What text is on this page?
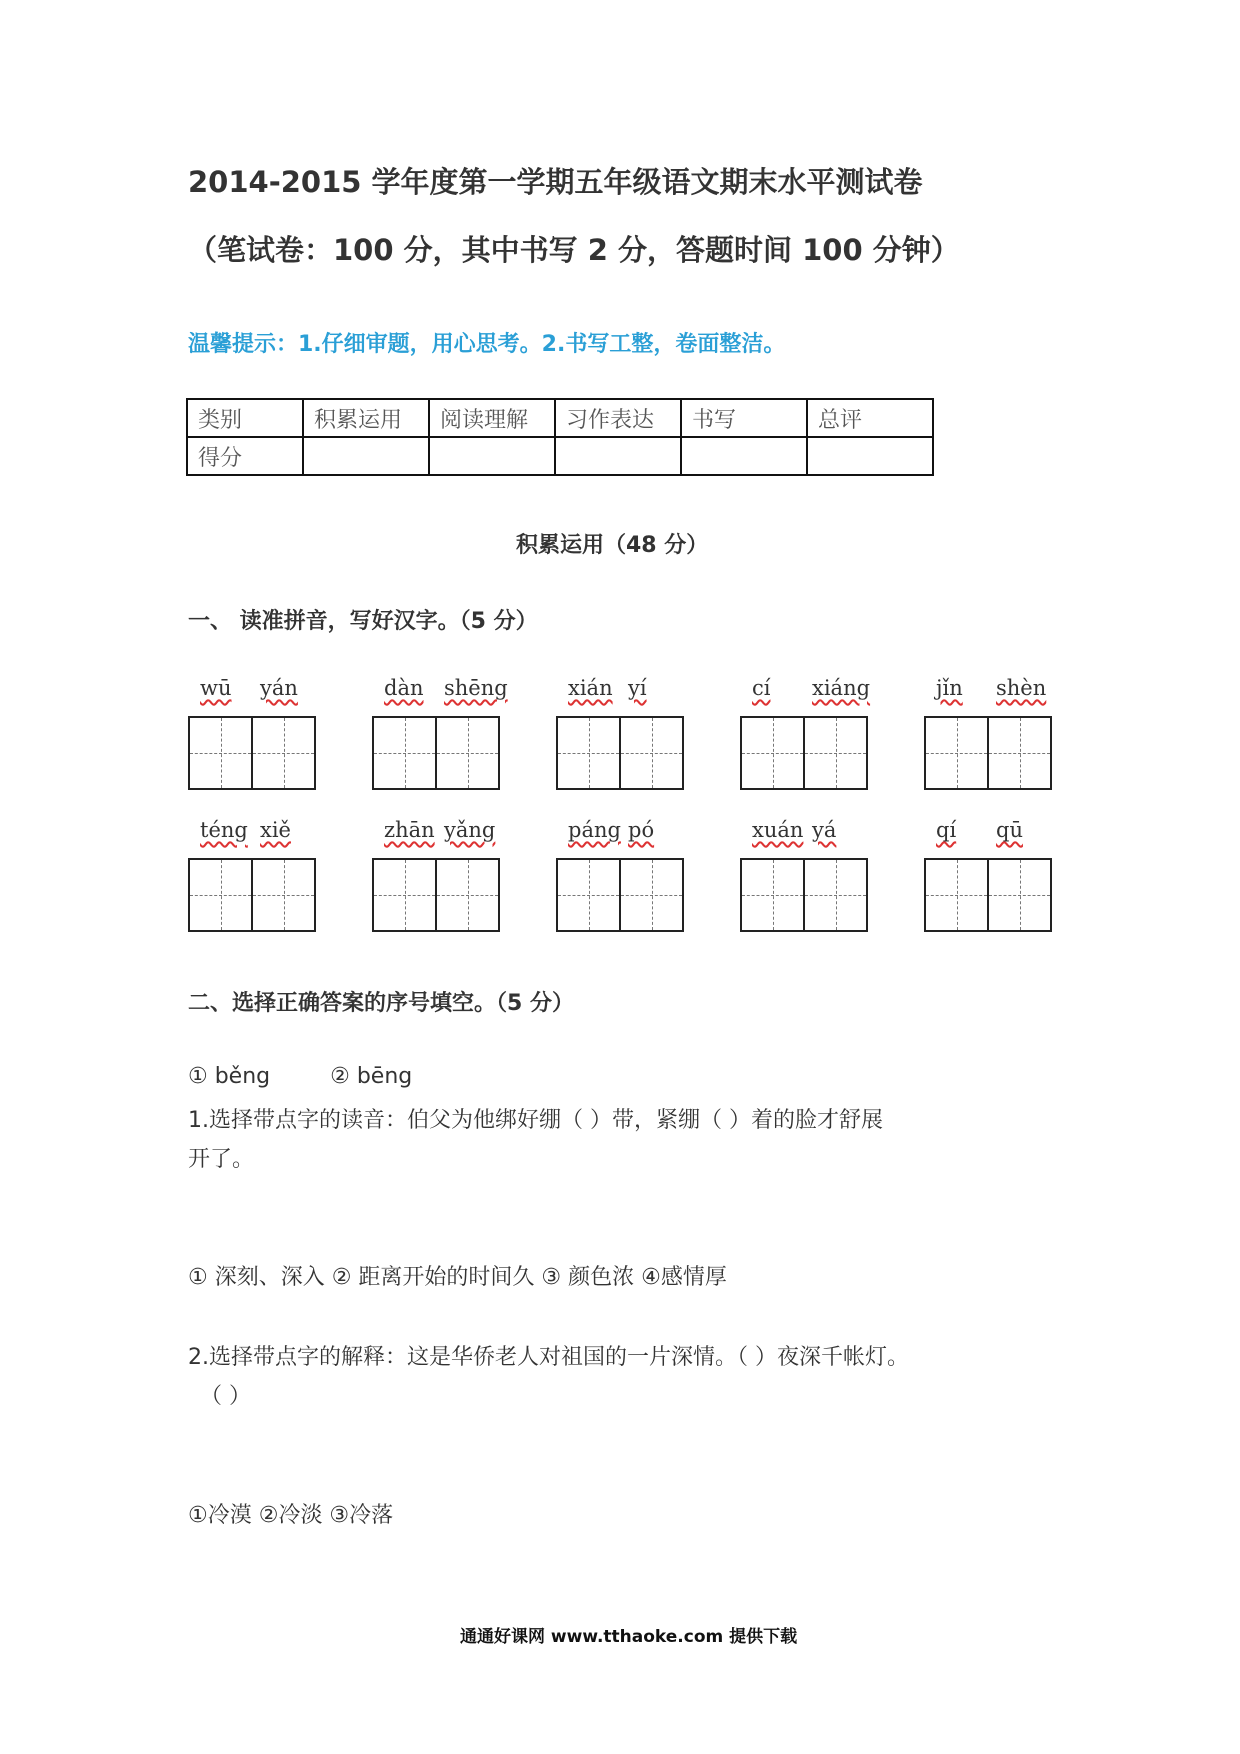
2014-2015 学年度第一学期五年级语文期末水平测试卷
（笔试卷：100 分，其中书写 2 分，答题时间 100 分钟）
温馨提示：1.仔细审题，用心思考。2.书写工整，卷面整洁。
类别	积累运用	阅读理解	习作表达	书写	总评
得分					
积累运用（48 分）
一、 读准拼音，写好汉字。（5 分）
wū yán	dàn shēng	xián yí	cí xiáng	jǐn shèn
téng xiě	zhān yǎng	páng pó	xuán yá	qí qū
二、选择正确答案的序号填空。（5 分）
① běng	② bēng
1.选择带点字的读音：伯父为他绑好绷（ ）带，紧绷（ ）着的脸才舒展
开了。
① 深刻、深入 ② 距离开始的时间久 ③ 颜色浓 ④感情厚
2.选择带点字的解释：这是华侨老人对祖国的一片深情。（ ）夜深千帐灯。
（ ）
①冷漠 ②冷淡 ③冷落
通通好课网 www.tthaoke.com 提供下载
